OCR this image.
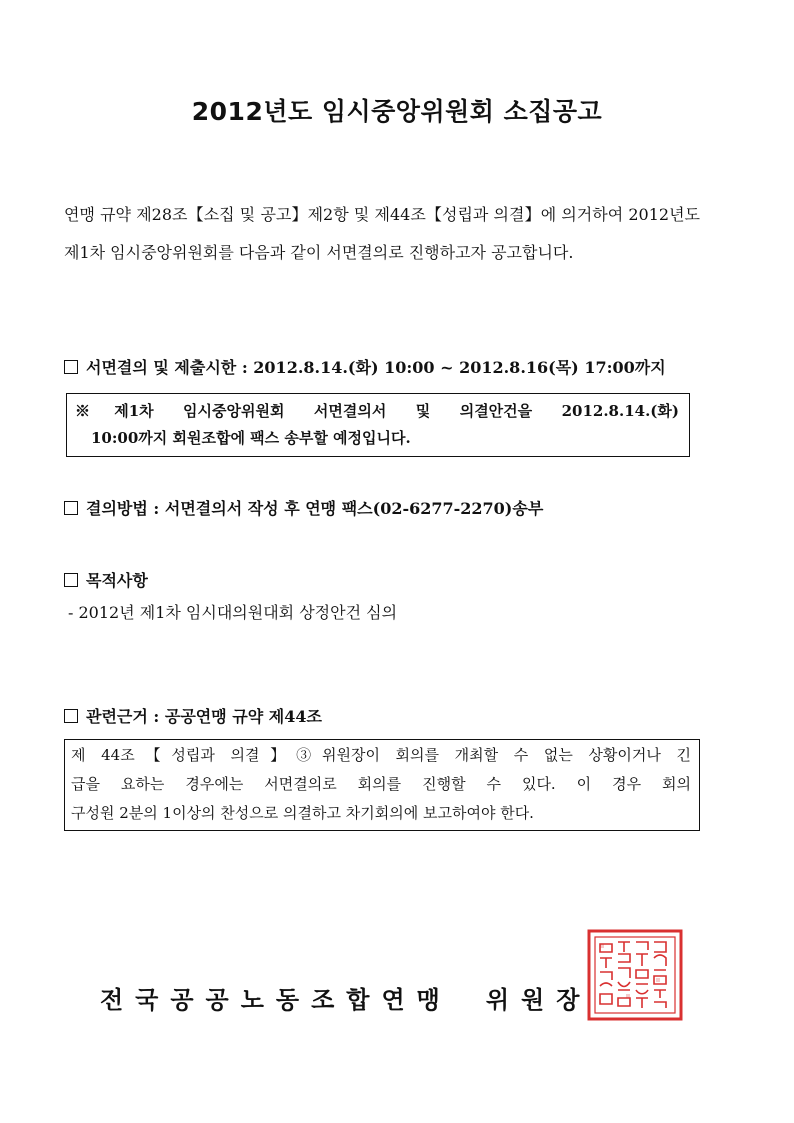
2012년도 임시중앙위원회 소집공고
연맹 규약 제28조【소집 및 공고】제2항 및 제44조【성립과 의결】에 의거하여 2012년도 제1차 임시중앙위원회를 다음과 같이 서면결의로 진행하고자 공고합니다.
서면결의 및 제출시한 : 2012.8.14.(화) 10:00 ~ 2012.8.16(목) 17:00까지
※제1차 임시중앙위원회 서면결의서 및 의결안건을 2012.8.14.(화)
10:00까지 회원조합에 팩스 송부할 예정입니다.
결의방법 : 서면결의서 작성 후 연맹 팩스(02-6277-2270)송부
목적사항
- 2012년 제1차 임시대의원대회 상정안건 심의
관련근거 : 공공연맹 규약 제44조
제 44조【성립과 의결】③위원장이 회의를 개최할 수 없는 상황이거나 긴
급을 요하는 경우에는 서면결의로 회의를 진행할 수 있다. 이 경우 회의
구성원 2분의 1이상의 찬성으로 의결하고 차기회의에 보고하여야 한다.
전국공공노동조합연맹 위원장
